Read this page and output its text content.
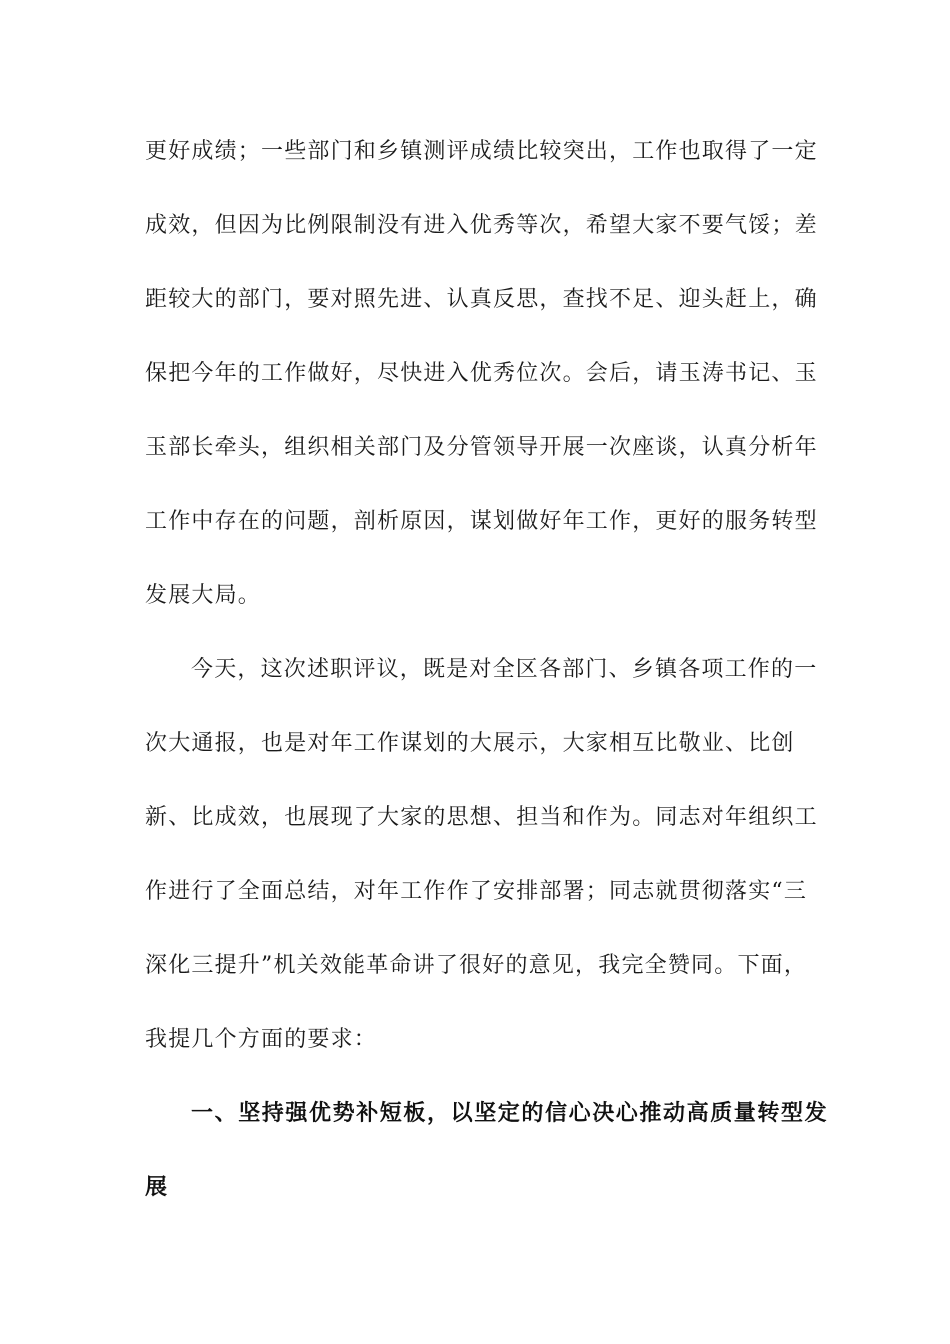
更好成绩；一些部门和乡镇测评成绩比较突出，工作也取得了一定
成效，但因为比例限制没有进入优秀等次，希望大家不要气馁；差
距较大的部门，要对照先进、认真反思，查找不足、迎头赶上，确
保把今年的工作做好，尽快进入优秀位次。会后，请玉涛书记、玉
玉部长牵头，组织相关部门及分管领导开展一次座谈，认真分析年
工作中存在的问题，剖析原因，谋划做好年工作，更好的服务转型
发展大局。
今天，这次述职评议，既是对全区各部门、乡镇各项工作的一
次大通报，也是对年工作谋划的大展示，大家相互比敬业、比创
新、比成效，也展现了大家的思想、担当和作为。同志对年组织工
作进行了全面总结，对年工作作了安排部署；同志就贯彻落实“三
深化三提升”机关效能革命讲了很好的意见，我完全赞同。下面，
我提几个方面的要求：
一、坚持强优势补短板，以坚定的信心决心推动高质量转型发
展
